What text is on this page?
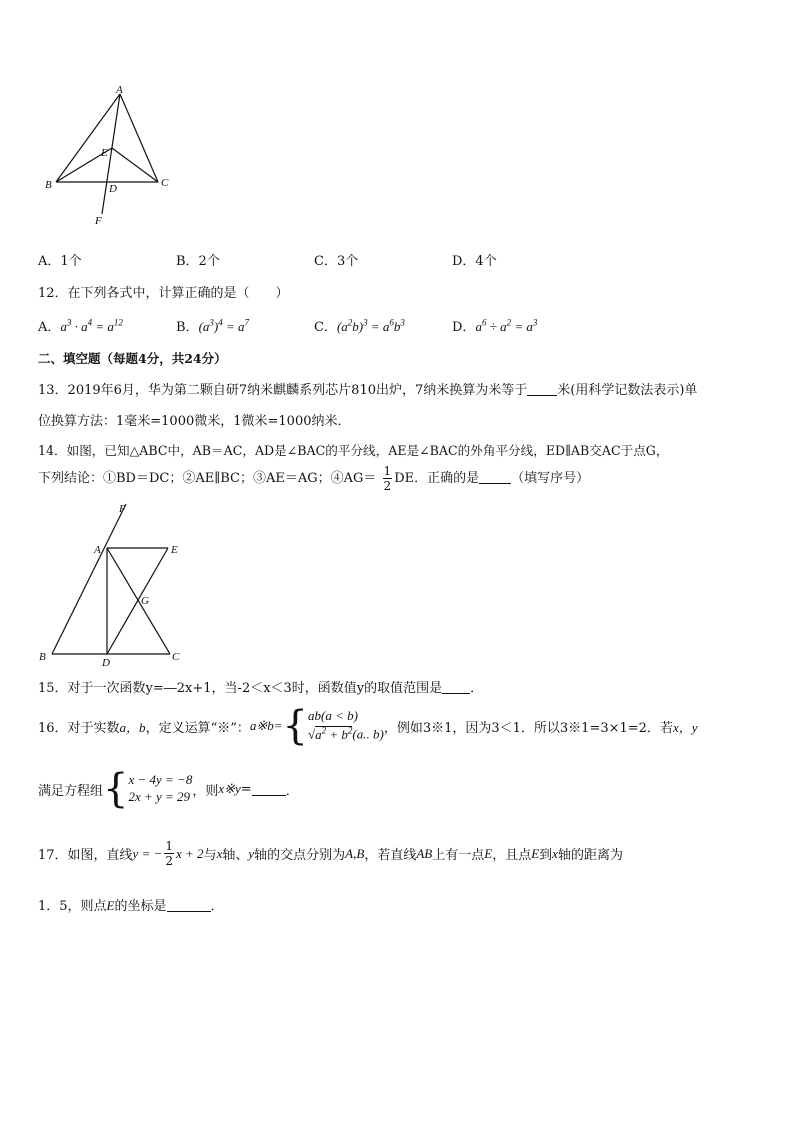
A
E
B	D	C
F
A．1个	B．2个	C．3个	D．4个
12．在下列各式中，计算正确的是（　　）
A．$a^3 \cdot a^4 = a^{12}$	B．$(a^3)^4 = a^7$	C．$(a^2b)^3 = a^6b^3$	D．$a^6 \div a^2 = a^3$
二、填空题（每题4分，共24分）
13．2019年6月，华为第二颗自研7纳米麒麟系列芯片810出炉，7纳米换算为米等于 米(用科学记数法表示)单
位换算方法：1毫米=1000微米，1微米=1000纳米．
14．如图，已知△ABC中，AB＝AC，AD是∠BAC的平分线，AE是∠BAC的外角平分线，ED∥AB交AC于点G，
下列结论：①BD＝DC；②AE∥BC；③AE＝AG；④AG＝ $\frac{1}{2}$ DE．正确的是 （填写序号）
F
A	E
G
B	D	C
15．对于一次函数y=―2x+1，当-2＜x＜3时，函数值y的取值范围是 ．
16．对于实数 a，b ，定义运算“※”： a※b= { ab(a < b)
$√a^2 + b^2(a$.. b) ，例如3※1，因为3＜1．所以3※1=3×1=2．若 x，y
满足方程组 { x − 4y = −8
2x + y = 29 ，则 x※y =	．
17．如图，直线 y = − $\frac{1}{2}$ x + 2 与 x 轴、 y 轴的交点分别为 A,B ，若直线 AB 上有一点 E ，且点 E 到 x 轴的距离为
1．5，则点E的坐标是	．
